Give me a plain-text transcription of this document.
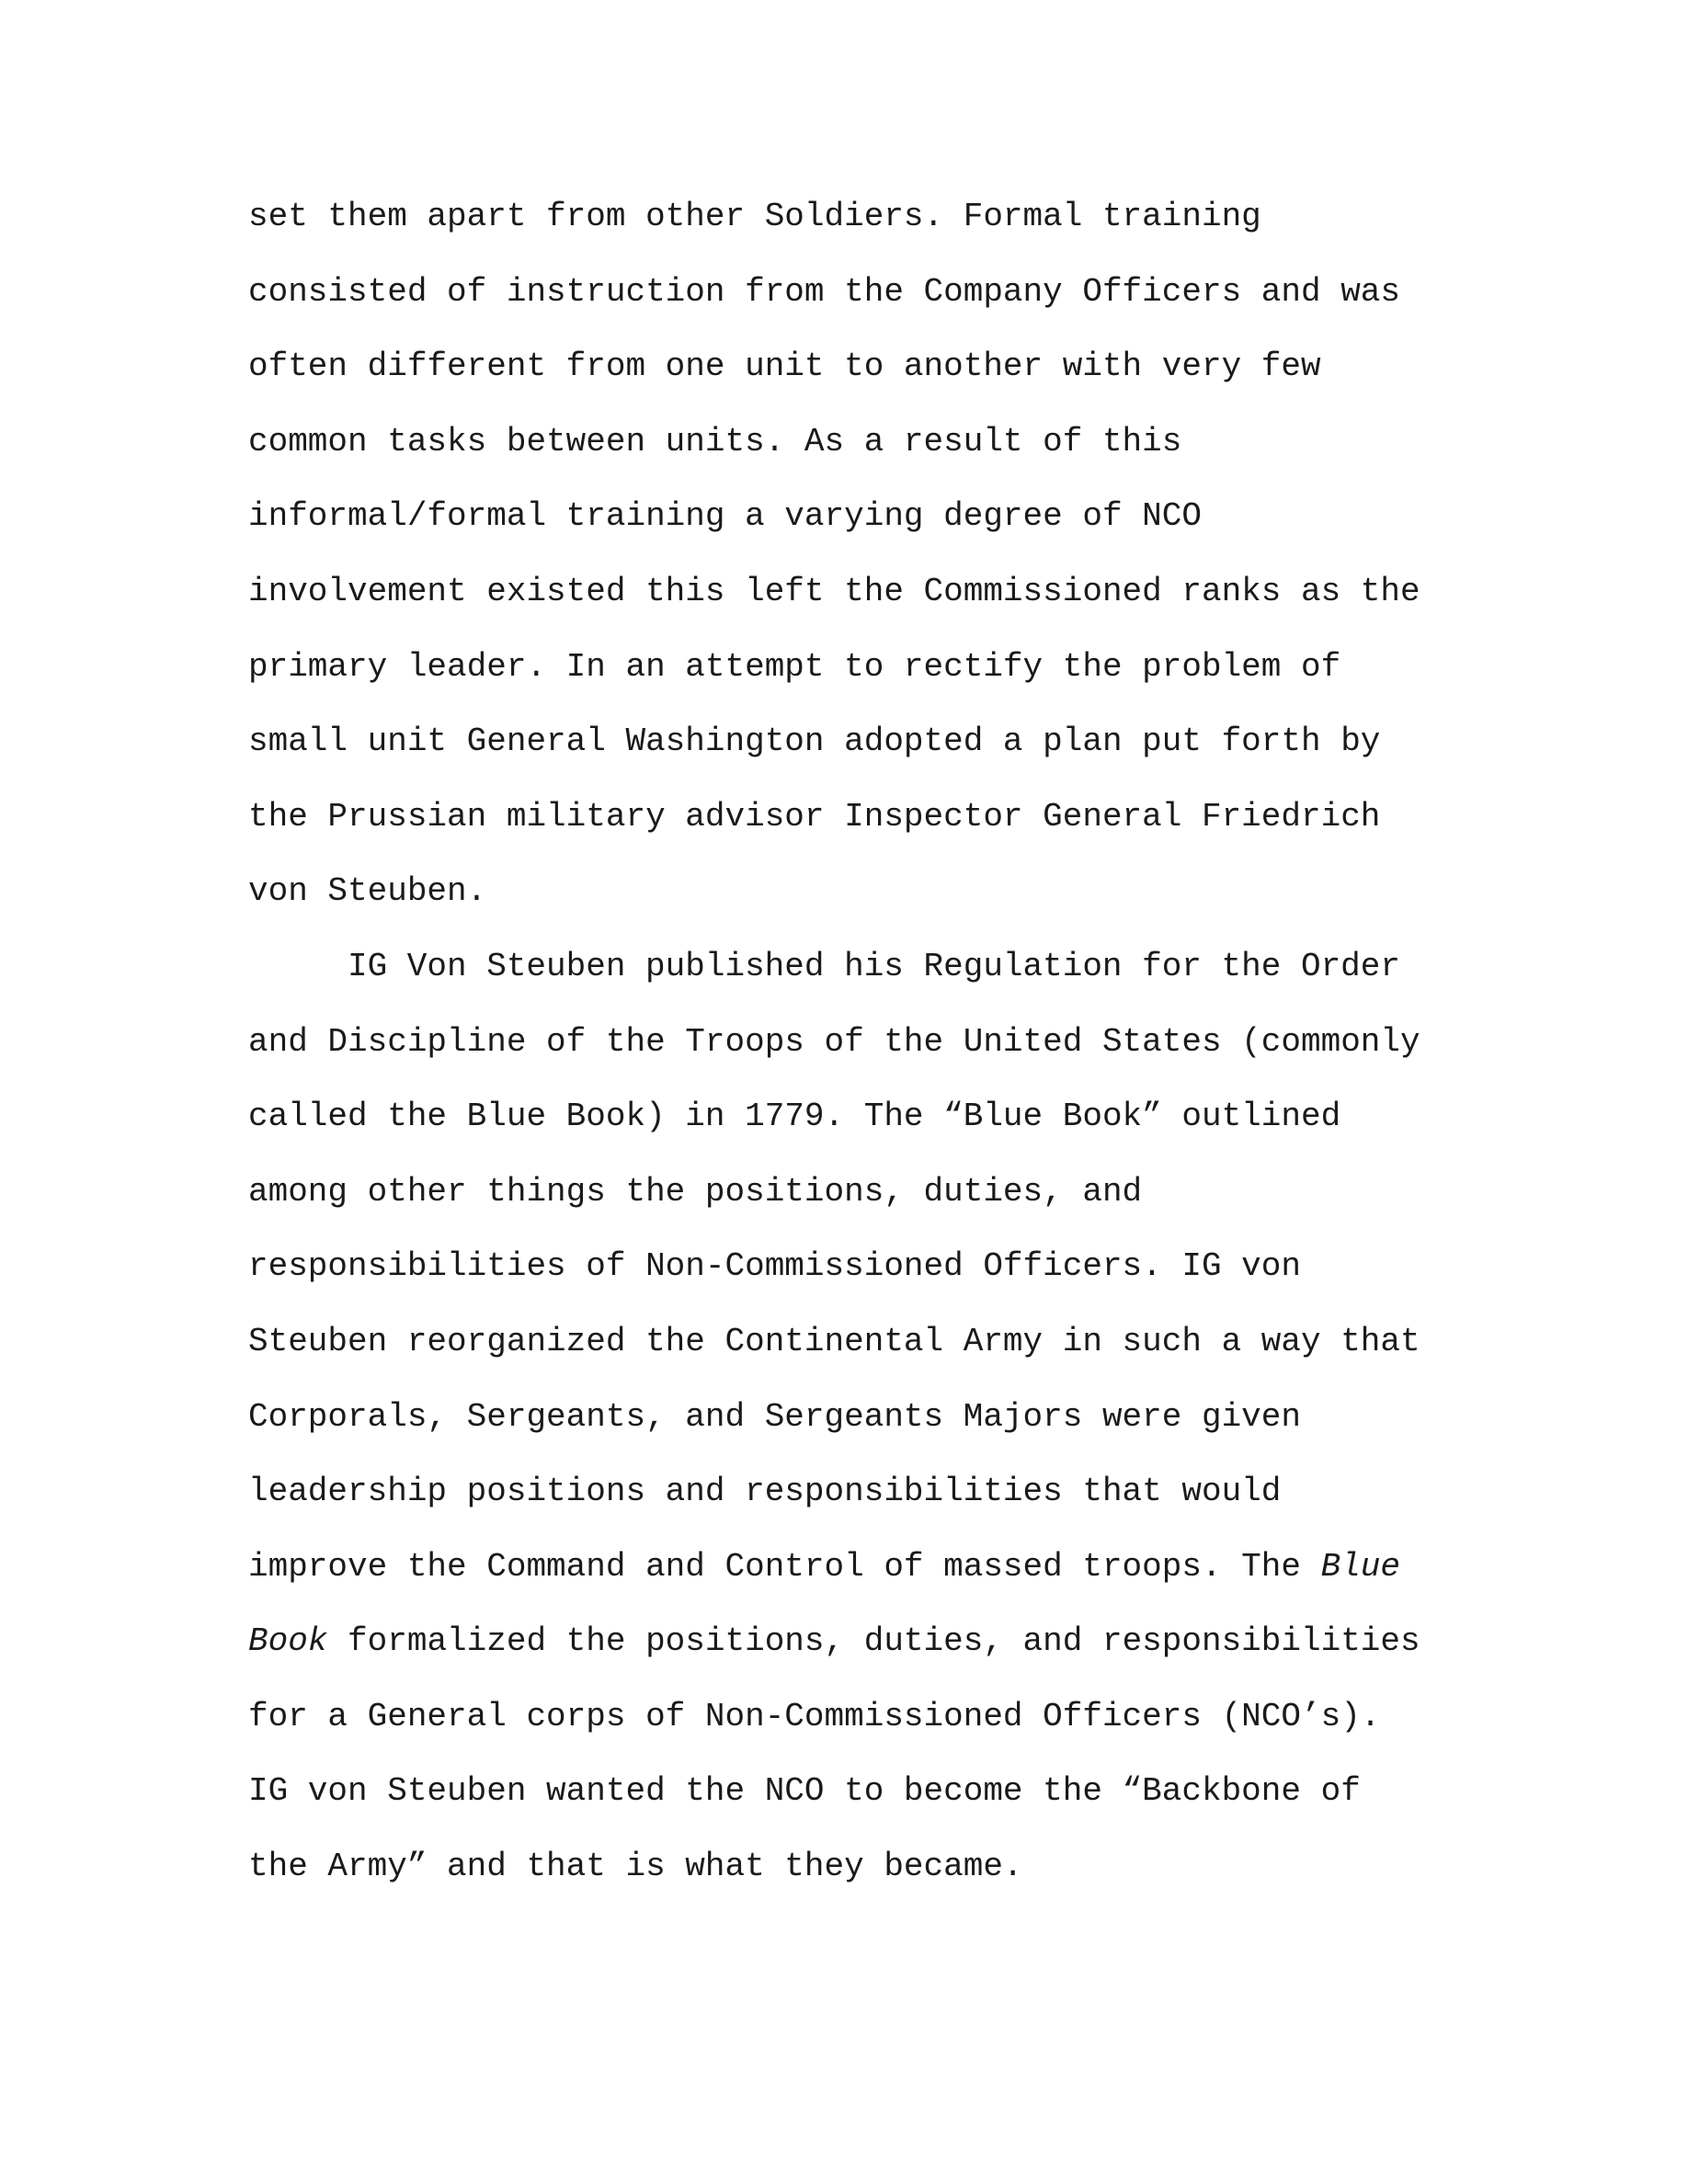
set them apart from other Soldiers. Formal training
consisted of instruction from the Company Officers and was
often different from one unit to another with very few
common tasks between units. As a result of this
informal/formal training a varying degree of NCO
involvement existed this left the Commissioned ranks as the
primary leader. In an attempt to rectify the problem of
small unit General Washington adopted a plan put forth by
the Prussian military advisor Inspector General Friedrich
von Steuben.
IG Von Steuben published his Regulation for the Order
and Discipline of the Troops of the United States (commonly
called the Blue Book) in 1779. The “Blue Book” outlined
among other things the positions, duties, and
responsibilities of Non-Commissioned Officers. IG von
Steuben reorganized the Continental Army in such a way that
Corporals, Sergeants, and Sergeants Majors were given
leadership positions and responsibilities that would
improve the Command and Control of massed troops. The Blue
Book formalized the positions, duties, and responsibilities
for a General corps of Non-Commissioned Officers (NCO’s).
IG von Steuben wanted the NCO to become the “Backbone of
the Army” and that is what they became.
